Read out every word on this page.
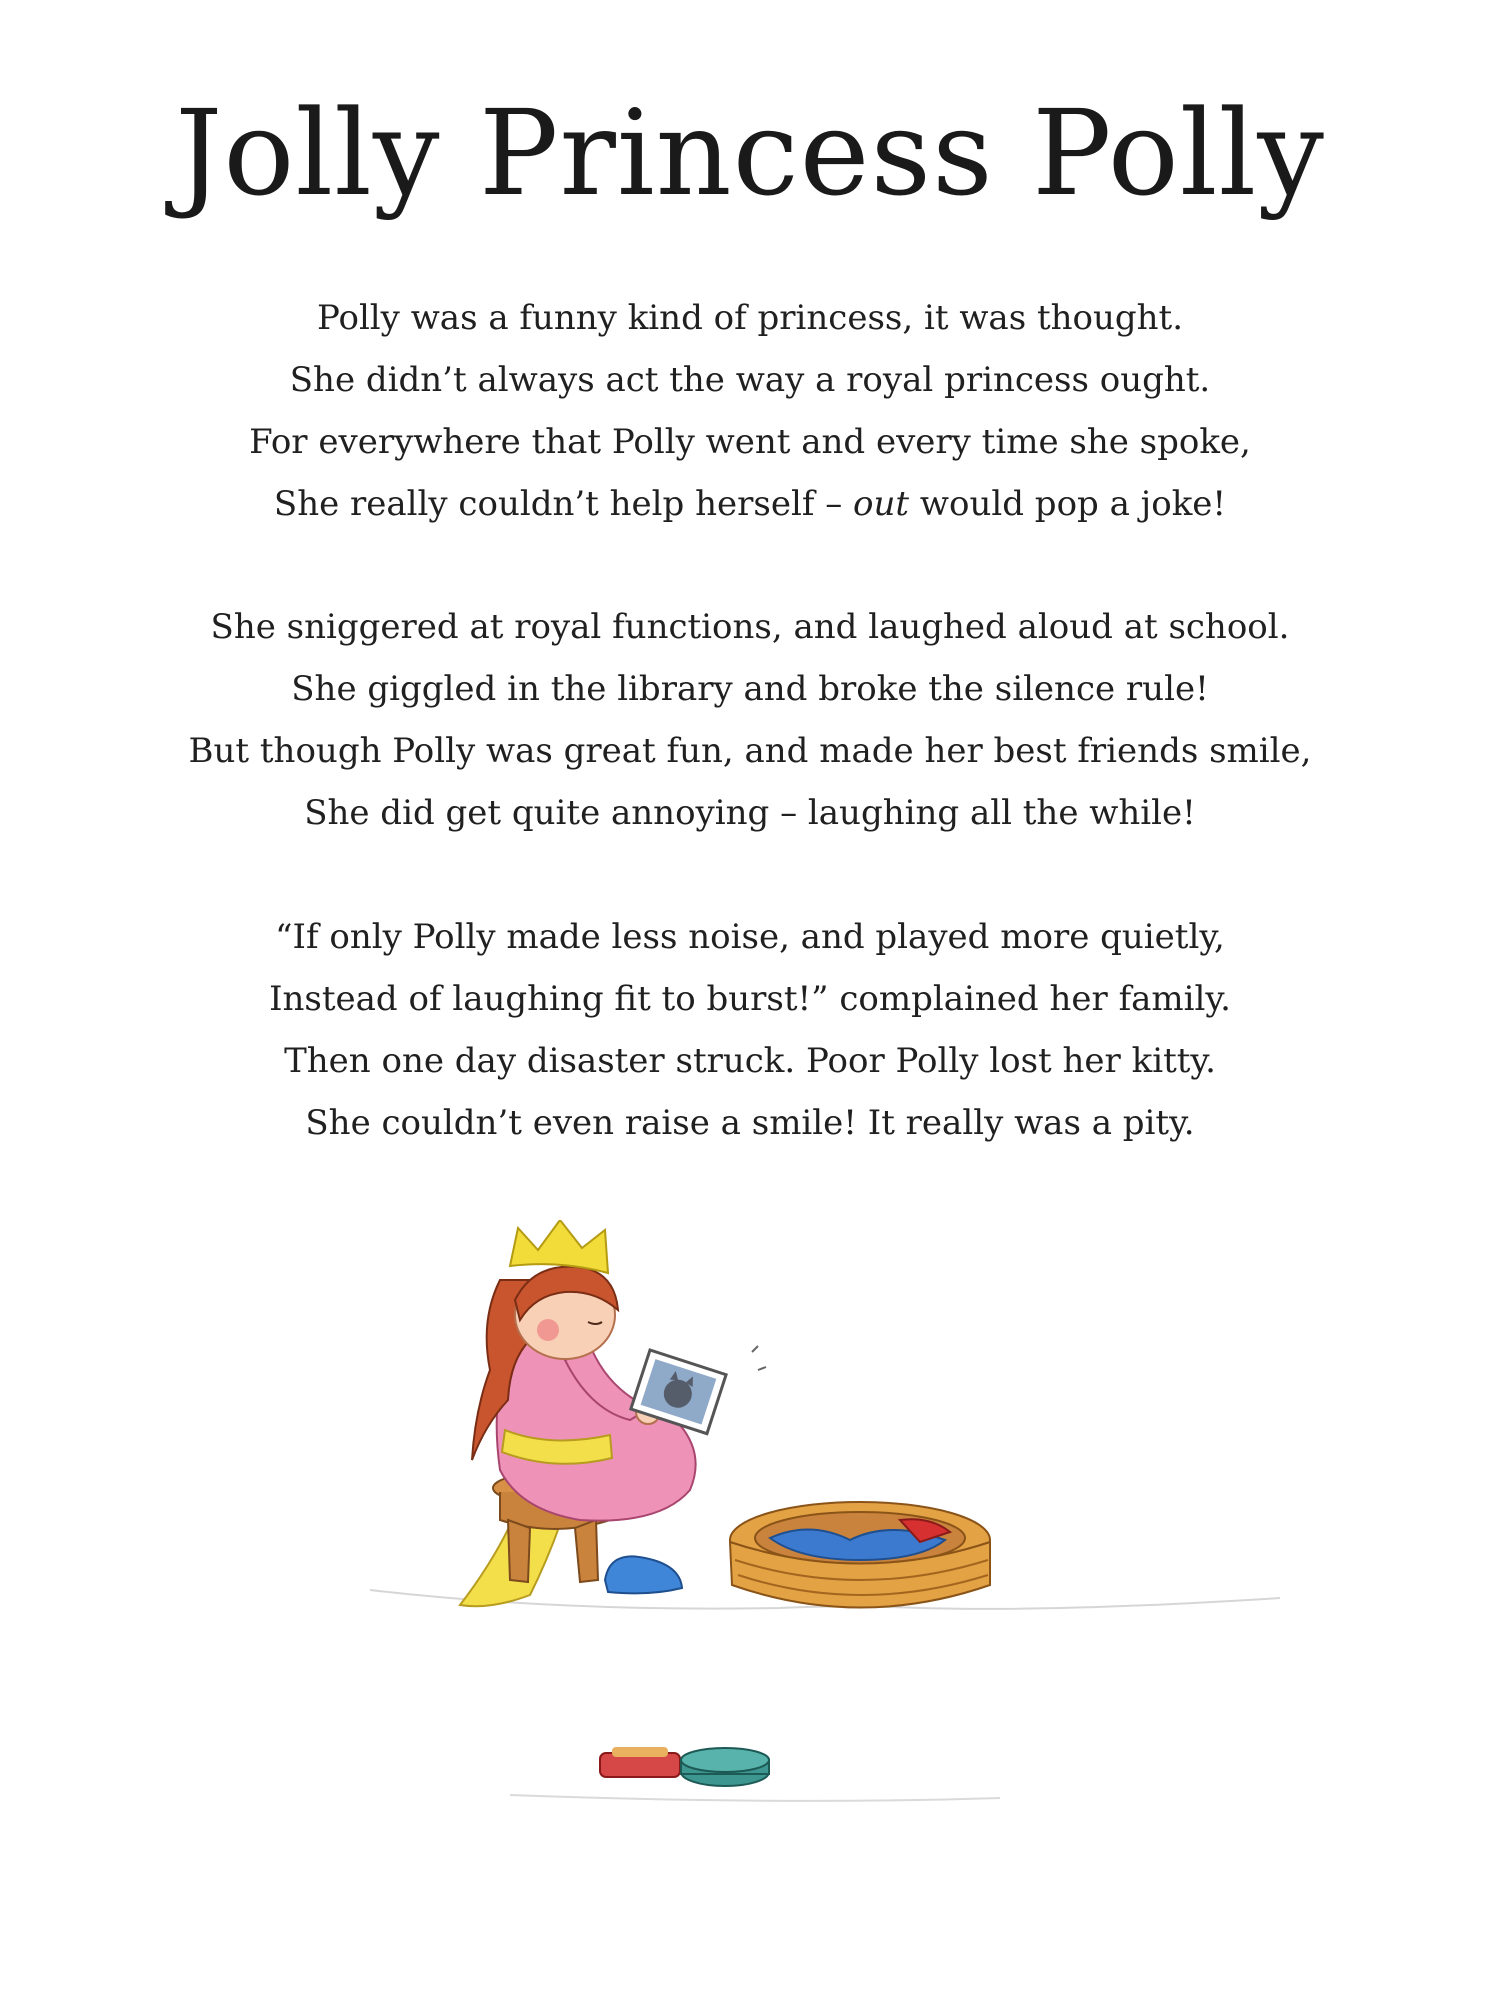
Jolly Princess Polly
Polly was a funny kind of princess, it was thought.
She didn’t always act the way a royal princess ought.
For everywhere that Polly went and every time she spoke,
She really couldn’t help herself – out would pop a joke!
She sniggered at royal functions, and laughed aloud at school.
She giggled in the library and broke the silence rule!
But though Polly was great fun, and made her best friends smile,
She did get quite annoying – laughing all the while!
“If only Polly made less noise, and played more quietly,
Instead of laughing fit to burst!” complained her family.
Then one day disaster struck. Poor Polly lost her kitty.
She couldn’t even raise a smile! It really was a pity.
